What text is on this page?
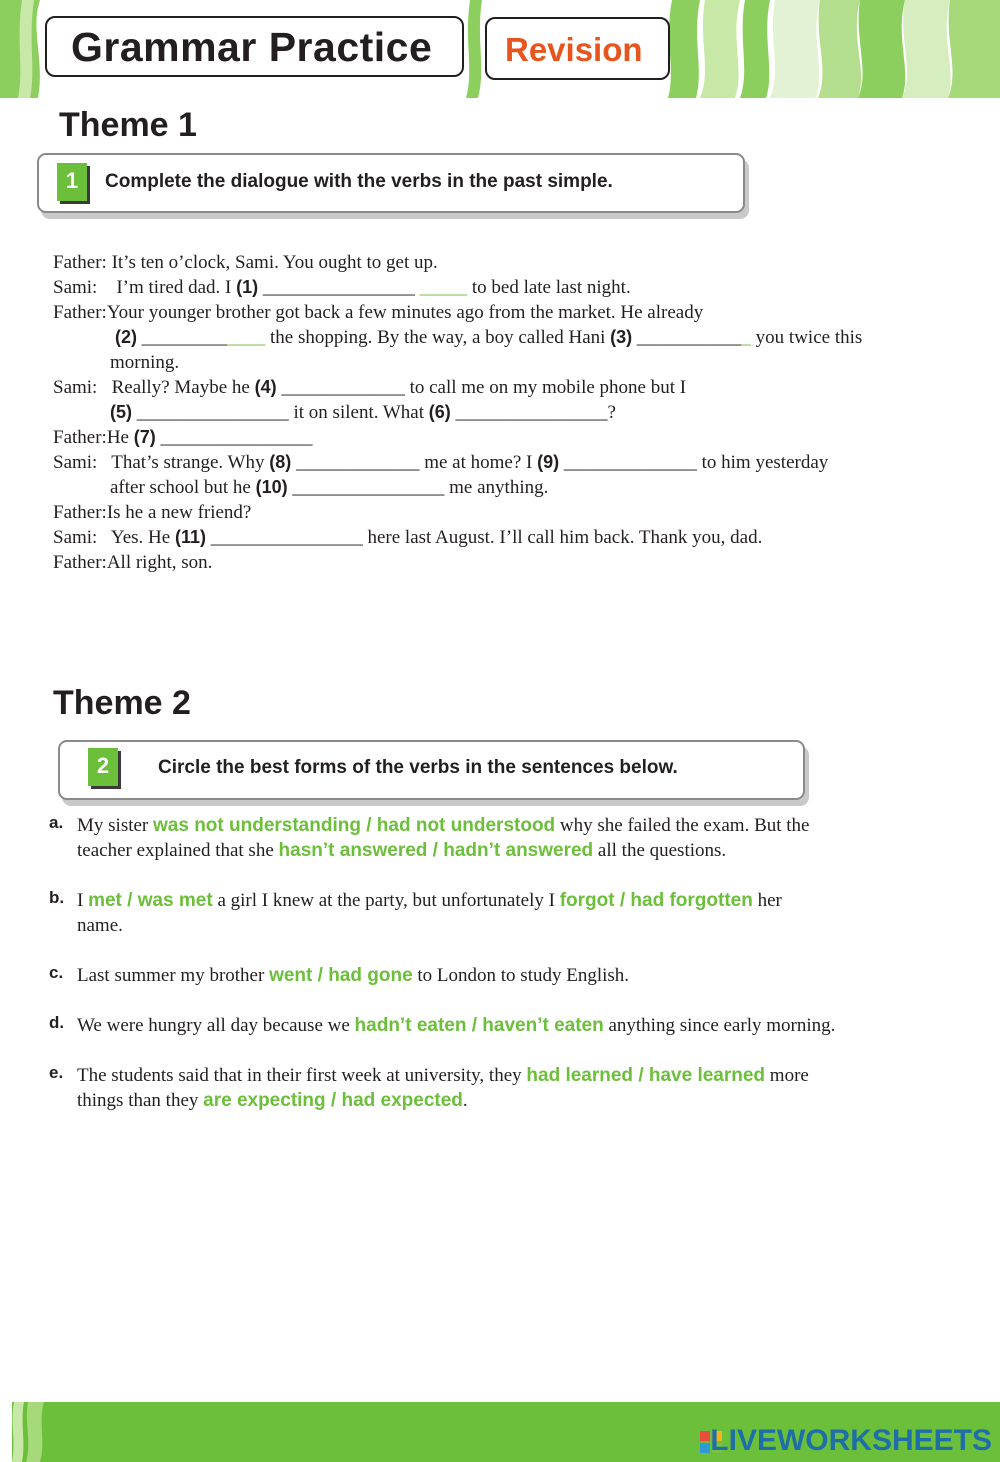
Grammar Practice Revision
Theme 1
1	Complete the dialogue with the verbs in the past simple.
Father: It’s ten o’clock, Sami. You ought to get up.
Sami: I’m tired dad. I (1) ________________ _____ to bed late last night.
Father:Your younger brother got back a few minutes ago from the market. He already
(2) _____________ the shopping. By the way, a boy called Hani (3) ____________ you twice this
morning.
Sami: Really? Maybe he (4) _____________ to call me on my mobile phone but I
(5) ________________ it on silent. What (6) ________________?
Father:He (7) ________________
Sami: That’s strange. Why (8) _____________ me at home? I (9) ______________ to him yesterday
after school but he (10) ________________ me anything.
Father:Is he a new friend?
Sami: Yes. He (11) ________________ here last August. I’ll call him back. Thank you, dad.
Father:All right, son.
Theme 2
2	Circle the best forms of the verbs in the sentences below.
a. My sister was not understanding / had not understood why she failed the exam. But the
teacher explained that she hasn’t answered / hadn’t answered all the questions.
b. I met / was met a girl I knew at the party, but unfortunately I forgot / had forgotten her
name.
c. Last summer my brother went / had gone to London to study English.
d. We were hungry all day because we hadn’t eaten / haven’t eaten anything since early morning.
e. The students said that in their first week at university, they had learned / have learned more
things than they are expecting / had expected.
LIVEWORKSHEETS
